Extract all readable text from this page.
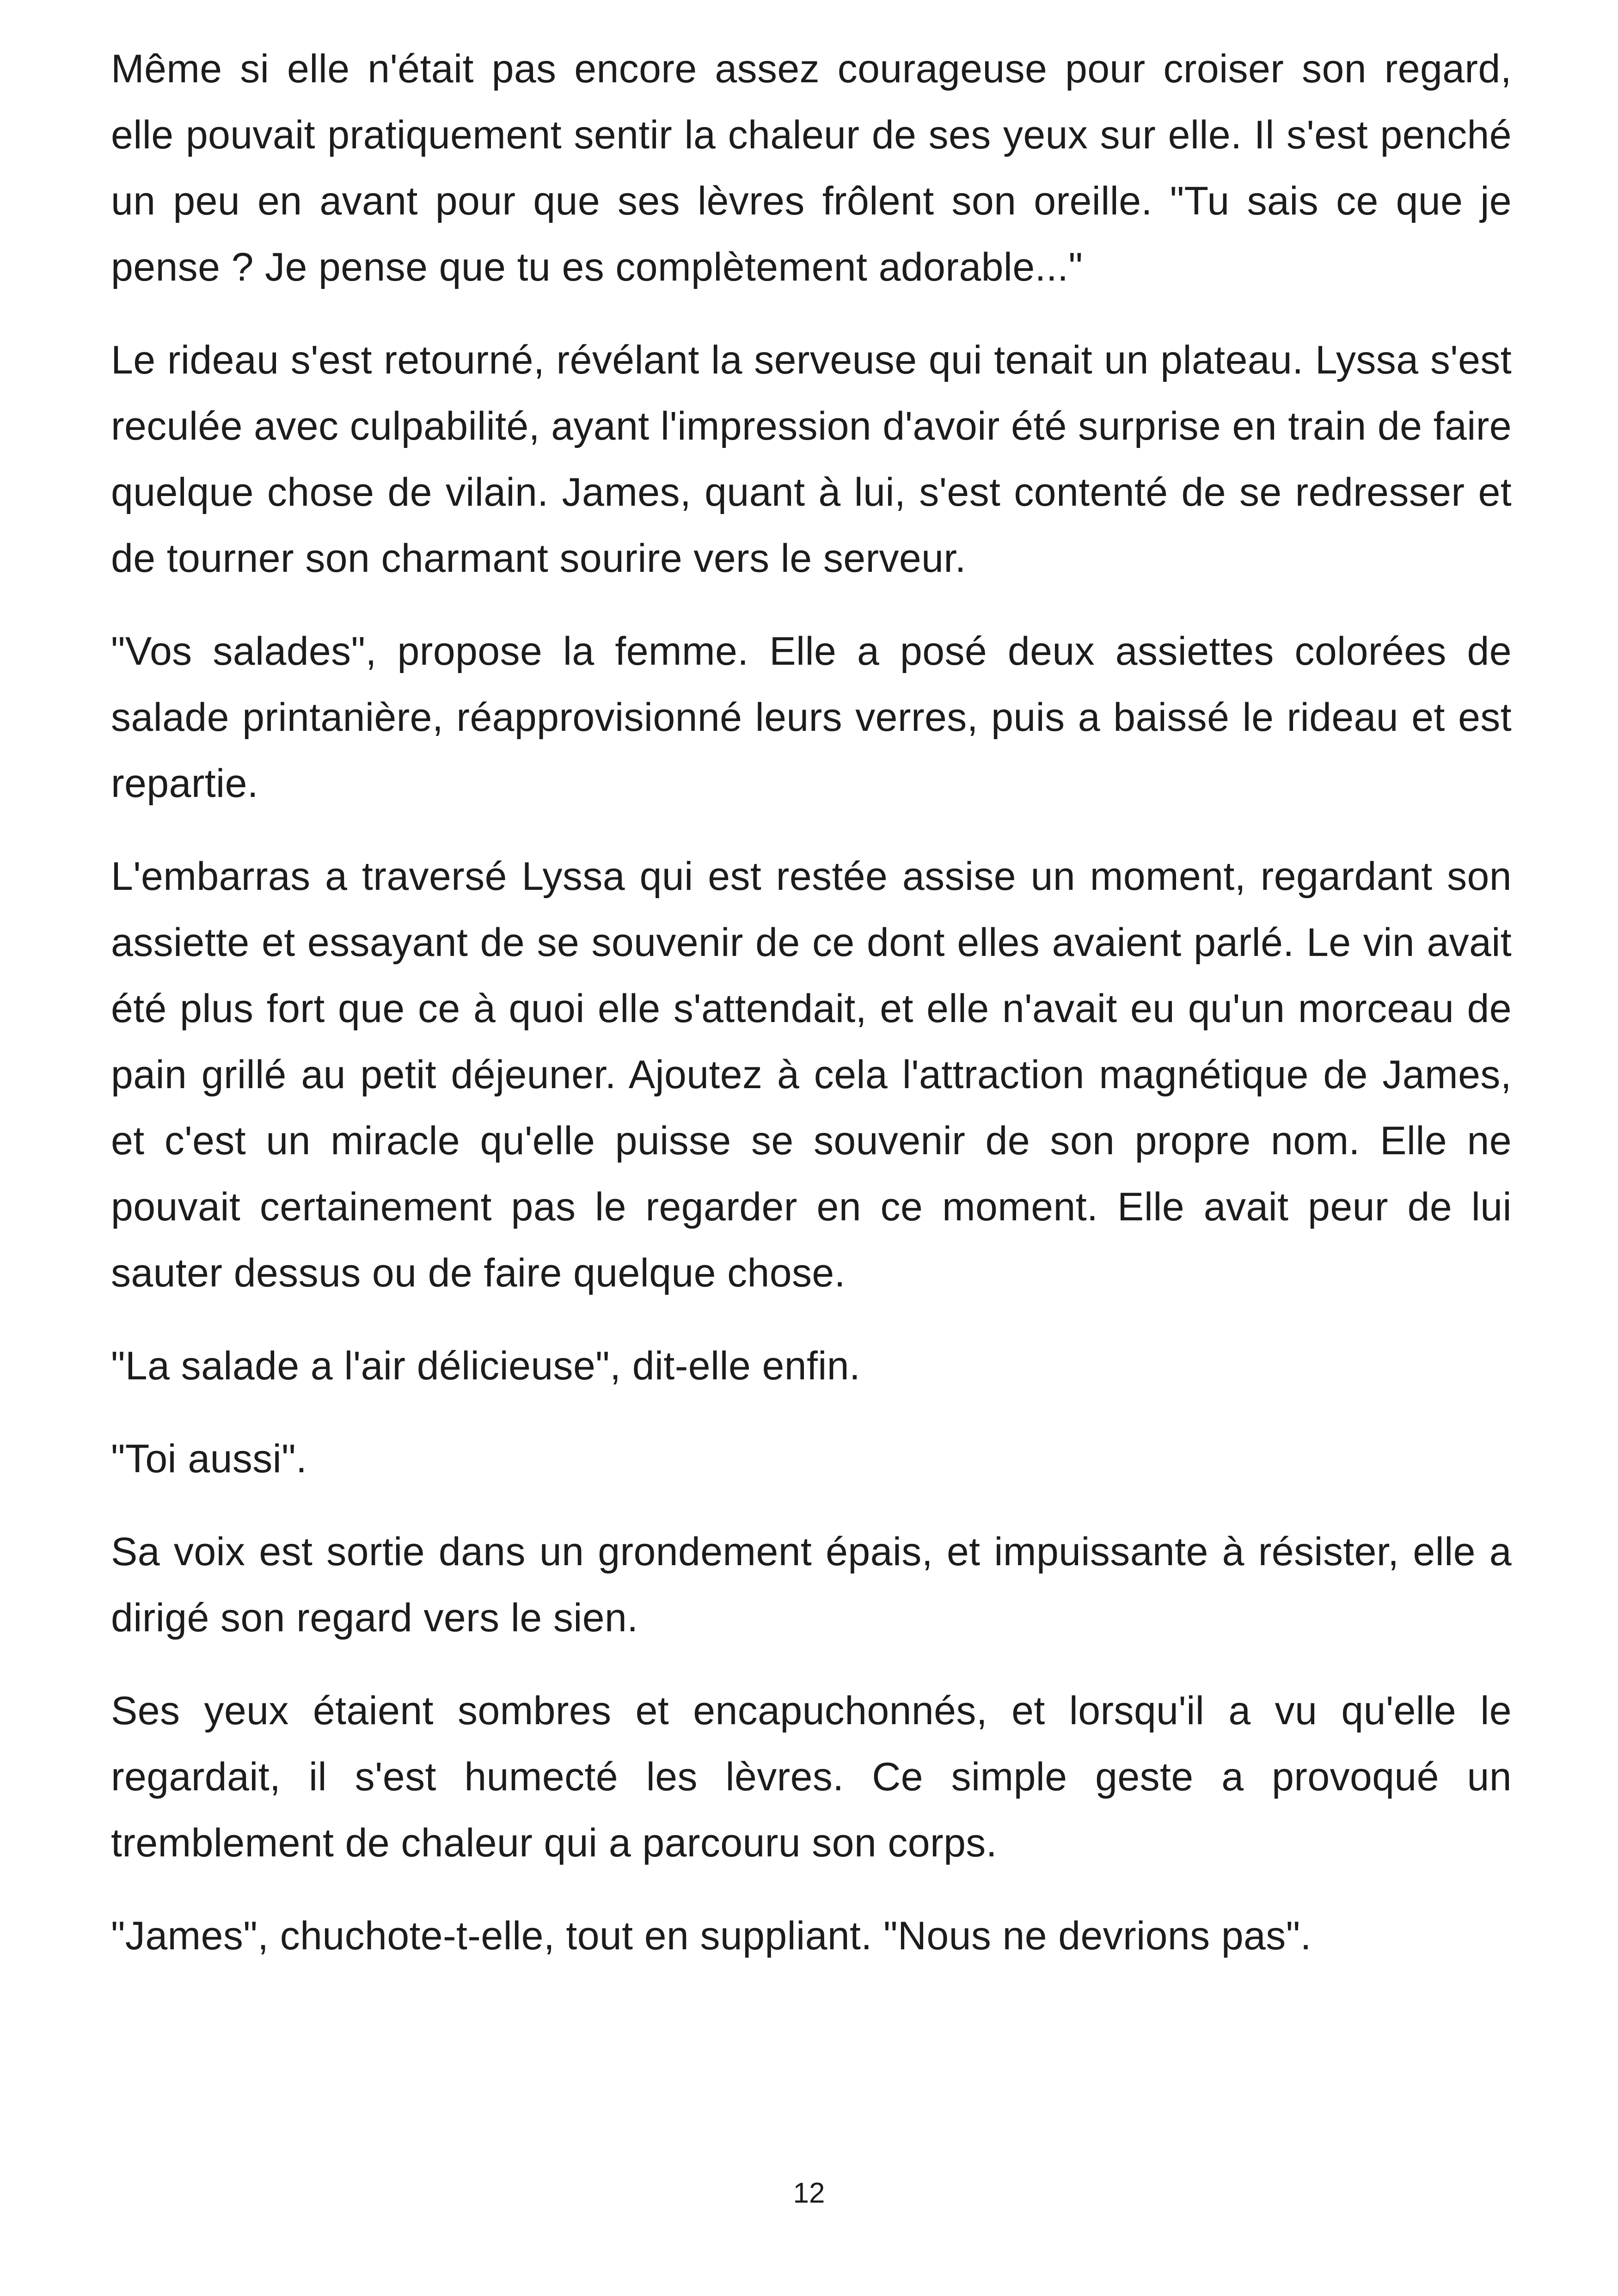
Même si elle n'était pas encore assez courageuse pour croiser son regard, elle pouvait pratiquement sentir la chaleur de ses yeux sur elle. Il s'est penché un peu en avant pour que ses lèvres frôlent son oreille. "Tu sais ce que je pense ? Je pense que tu es complètement adorable..."

Le rideau s'est retourné, révélant la serveuse qui tenait un plateau. Lyssa s'est reculée avec culpabilité, ayant l'impression d'avoir été surprise en train de faire quelque chose de vilain. James, quant à lui, s'est contenté de se redresser et de tourner son charmant sourire vers le serveur.

"Vos salades", propose la femme. Elle a posé deux assiettes colorées de salade printanière, réapprovisionné leurs verres, puis a baissé le rideau et est repartie.

L'embarras a traversé Lyssa qui est restée assise un moment, regardant son assiette et essayant de se souvenir de ce dont elles avaient parlé. Le vin avait été plus fort que ce à quoi elle s'attendait, et elle n'avait eu qu'un morceau de pain grillé au petit déjeuner. Ajoutez à cela l'attraction magnétique de James, et c'est un miracle qu'elle puisse se souvenir de son propre nom. Elle ne pouvait certainement pas le regarder en ce moment. Elle avait peur de lui sauter dessus ou de faire quelque chose.

"La salade a l'air délicieuse", dit-elle enfin.

"Toi aussi".

Sa voix est sortie dans un grondement épais, et impuissante à résister, elle a dirigé son regard vers le sien.

Ses yeux étaient sombres et encapuchonnés, et lorsqu'il a vu qu'elle le regardait, il s'est humecté les lèvres. Ce simple geste a provoqué un tremblement de chaleur qui a parcouru son corps.

"James", chuchote-t-elle, tout en suppliant. "Nous ne devrions pas".

12
